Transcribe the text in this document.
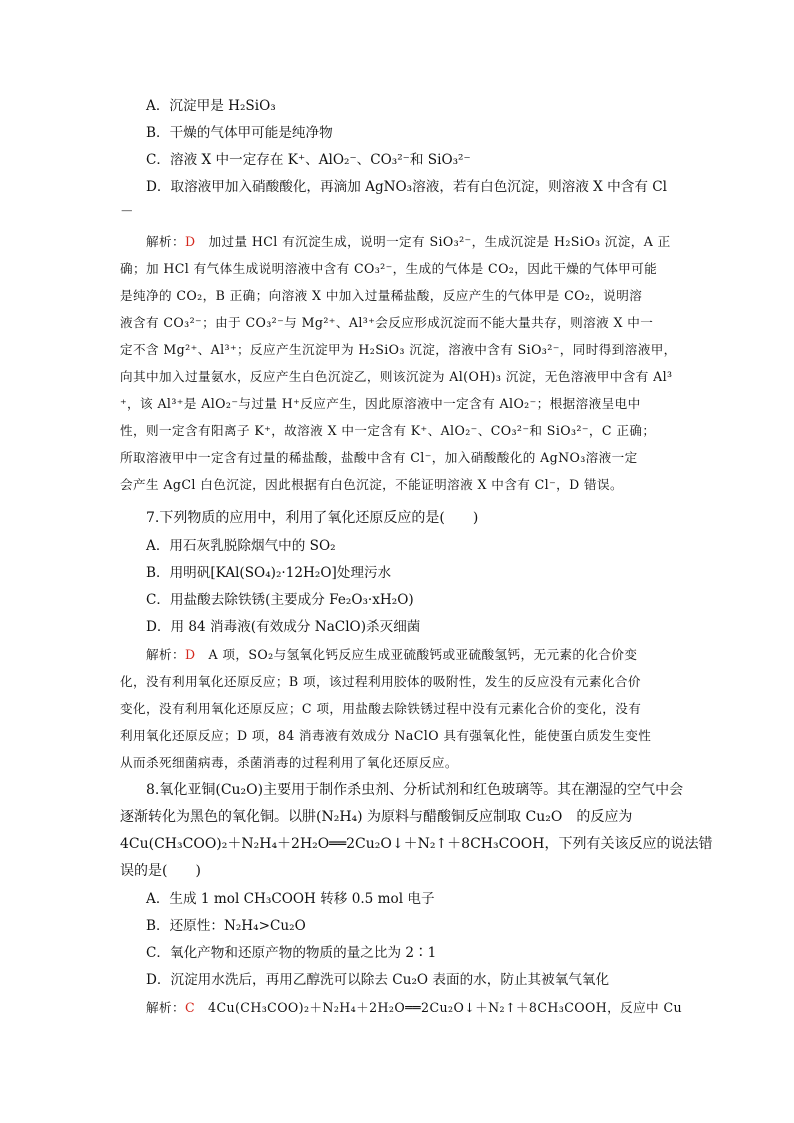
A．沉淀甲是 H₂SiO₃
B．干燥的气体甲可能是纯净物
C．溶液 X 中一定存在 K⁺、AlO₂⁻、CO₃²⁻和 SiO₃²⁻
D．取溶液甲加入硝酸酸化，再滴加 AgNO₃溶液，若有白色沉淀，则溶液 X 中含有 Cl
－
解析：D　 加过量 HCl 有沉淀生成，说明一定有 SiO₃²⁻，生成沉淀是 H₂SiO₃ 沉淀，A 正
确；加 HCl 有气体生成说明溶液中含有 CO₃²⁻，生成的气体是 CO₂，因此干燥的气体甲可能
是纯净的 CO₂，B 正确；向溶液 X 中加入过量稀盐酸，反应产生的气体甲是 CO₂，说明溶
液含有 CO₃²⁻；由于 CO₃²⁻与 Mg²⁺、Al³⁺会反应形成沉淀而不能大量共存，则溶液 X 中一
定不含 Mg²⁺、Al³⁺；反应产生沉淀甲为 H₂SiO₃ 沉淀，溶液中含有 SiO₃²⁻，同时得到溶液甲，
向其中加入过量氨水，反应产生白色沉淀乙，则该沉淀为 Al(OH)₃ 沉淀，无色溶液甲中含有 Al³
⁺，该 Al³⁺是 AlO₂⁻与过量 H⁺反应产生，因此原溶液中一定含有 AlO₂⁻；根据溶液呈电中
性，则一定含有阳离子 K⁺，故溶液 X 中一定含有 K⁺、AlO₂⁻、CO₃²⁻和 SiO₃²⁻，C 正确；
所取溶液甲中一定含有过量的稀盐酸，盐酸中含有 Cl⁻，加入硝酸酸化的 AgNO₃溶液一定
会产生 AgCl 白色沉淀，因此根据有白色沉淀，不能证明溶液 X 中含有 Cl⁻，D 错误。
7.下列物质的应用中，利用了氧化还原反应的是(　　)
A．用石灰乳脱除烟气中的 SO₂
B．用明矾[KAl(SO₄)₂·12H₂O]处理污水
C．用盐酸去除铁锈(主要成分 Fe₂O₃·xH₂O)
D．用 84 消毒液(有效成分 NaClO)杀灭细菌
解析：D　 A 项，SO₂与氢氧化钙反应生成亚硫酸钙或亚硫酸氢钙，无元素的化合价变
化，没有利用氧化还原反应；B 项，该过程利用胶体的吸附性，发生的反应没有元素化合价
变化，没有利用氧化还原反应；C 项，用盐酸去除铁锈过程中没有元素化合价的变化，没有
利用氧化还原反应；D 项，84 消毒液有效成分 NaClO 具有强氧化性，能使蛋白质发生变性
从而杀死细菌病毒，杀菌消毒的过程利用了氧化还原反应。
8.氧化亚铜(Cu₂O)主要用于制作杀虫剂、分析试剂和红色玻璃等。其在潮湿的空气中会
逐渐转化为黑色的氧化铜。以肼(N₂H₄) 为原料与醋酸铜反应制取 Cu₂O　的反应为
4Cu(CH₃COO)₂＋N₂H₄＋2H₂O══2Cu₂O↓＋N₂↑＋8CH₃COOH，下列有关该反应的说法错
误的是(　　)
A．生成 1 mol CH₃COOH 转移 0.5 mol 电子
B．还原性：N₂H₄>Cu₂O
C．氧化产物和还原产物的物质的量之比为 2∶1
D．沉淀用水洗后，再用乙醇洗可以除去 Cu₂O 表面的水，防止其被氧气氧化
解析：C　 4Cu(CH₃COO)₂＋N₂H₄＋2H₂O══2Cu₂O↓＋N₂↑＋8CH₃COOH，反应中 Cu
